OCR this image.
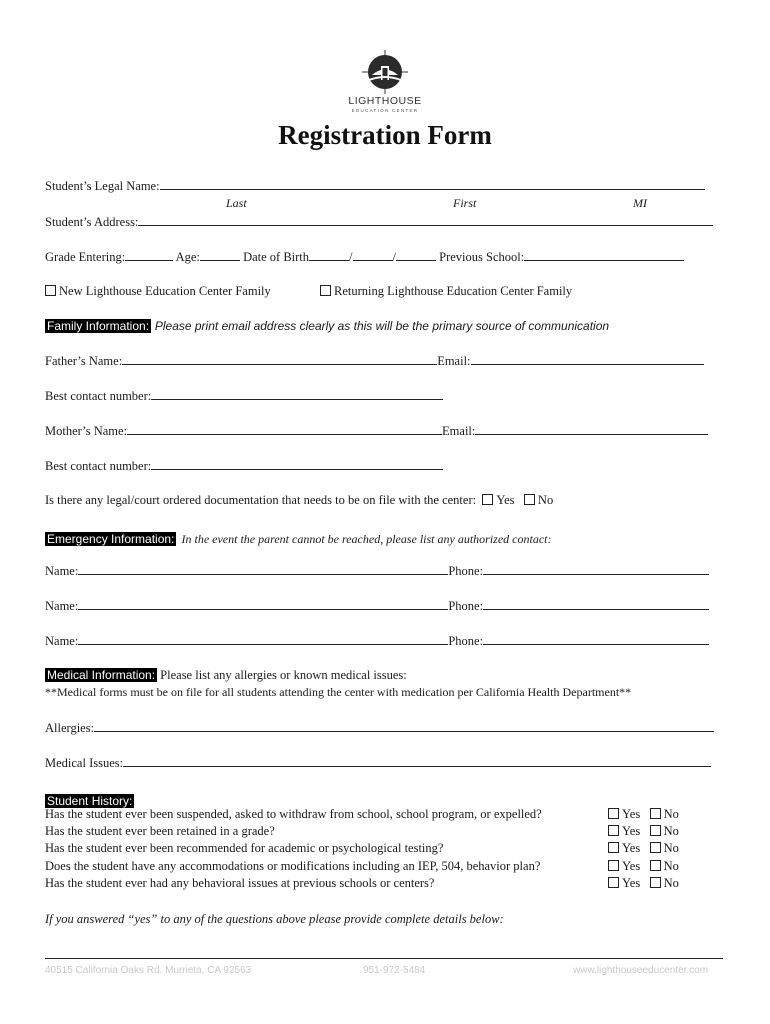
LIGHTHOUSE
EDUCATION CENTER
Registration Form
Student’s Legal Name:
Last	First	MI
Student’s Address:
Grade Entering:	Age:	Date of Birth	/	/	Previous School:
New Lighthouse Education Center Family	Returning Lighthouse Education Center Family
Family Information: Please print email address clearly as this will be the primary source of communication
Father’s Name:	Email:
Best contact number:
Mother’s Name:	Email:
Best contact number:
Is there any legal/court ordered documentation that needs to be on file with the center: Yes No
Emergency Information: In the event the parent cannot be reached, please list any authorized contact:
Name:	Phone:
Name:	Phone:
Name:	Phone:
Medical Information: Please list any allergies or known medical issues:
**Medical forms must be on file for all students attending the center with medication per California Health Department**
Allergies:
Medical Issues:
Student History:
Has the student ever been suspended, asked to withdraw from school, school program, or expelled?	Yes No
Has the student ever been retained in a grade?	Yes No
Has the student ever been recommended for academic or psychological testing?	Yes No
Does the student have any accommodations or modifications including an IEP, 504, behavior plan?	Yes No
Has the student ever had any behavioral issues at previous schools or centers?	Yes No
If you answered “yes” to any of the questions above please provide complete details below:
40515 California Oaks Rd. Murrieta, CA 92563	951-972-5484	www.lighthouseeducenter.com
